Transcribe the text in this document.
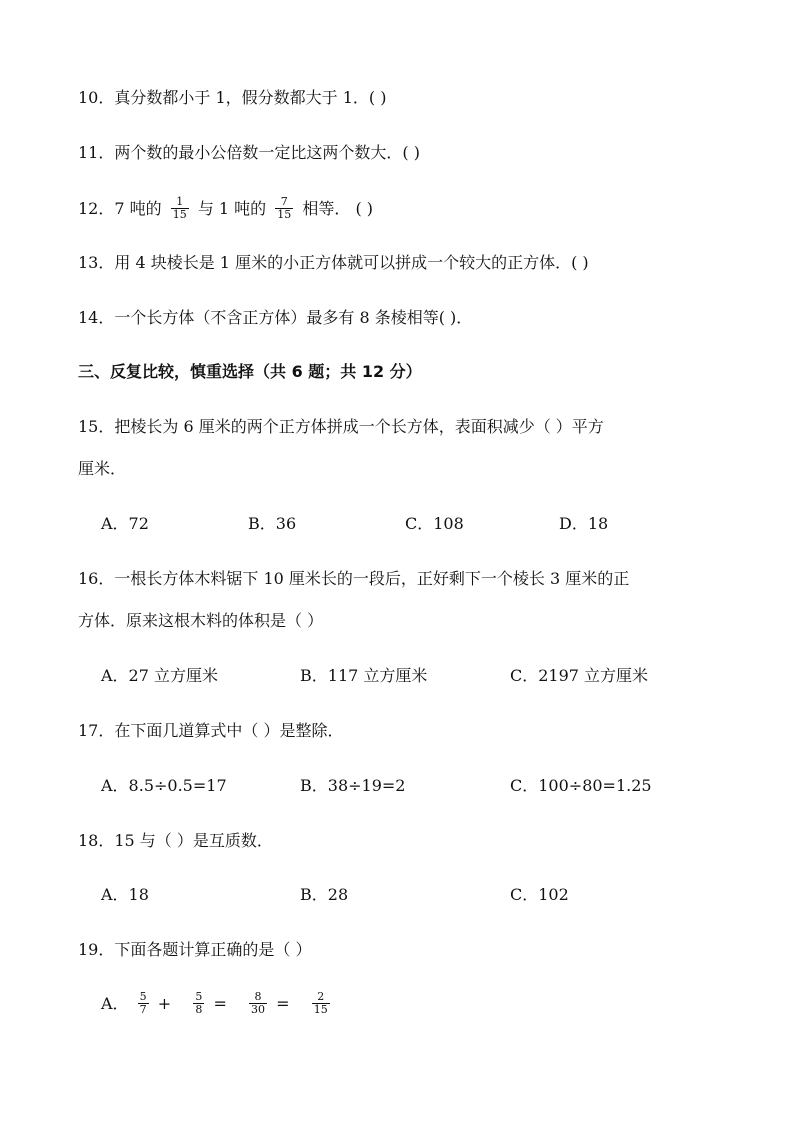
10．真分数都小于 1，假分数都大于 1．( )
11．两个数的最小公倍数一定比这两个数大．( )
12．7 吨的 $\frac{1}{15}$ 与 1 吨的 $\frac{7}{15}$ 相等． ( )
13．用 4 块棱长是 1 厘米的小正方体就可以拼成一个较大的正方体．( )
14．一个长方体（不含正方体）最多有 8 条棱相等( )．
三、反复比较，慎重选择（共 6 题；共 12 分）
15．把棱长为 6 厘米的两个正方体拼成一个长方体，表面积减少（ ）平方
厘米．
A．72	B．36	C．108	D．18
16．一根长方体木料锯下 10 厘米长的一段后，正好剩下一个棱长 3 厘米的正
方体．原来这根木料的体积是（ ）
A．27 立方厘米	B．117 立方厘米	C．2197 立方厘米
17．在下面几道算式中（ ）是整除．
A．8.5÷0.5=17	B．38÷19=2	C．100÷80=1.25
18．15 与（ ）是互质数．
A．18	B．28	C．102
19．下面各题计算正确的是（ ）
A． $\frac{5}{7} + \frac{5}{8} = \frac{8}{30} = \frac{2}{15}$
